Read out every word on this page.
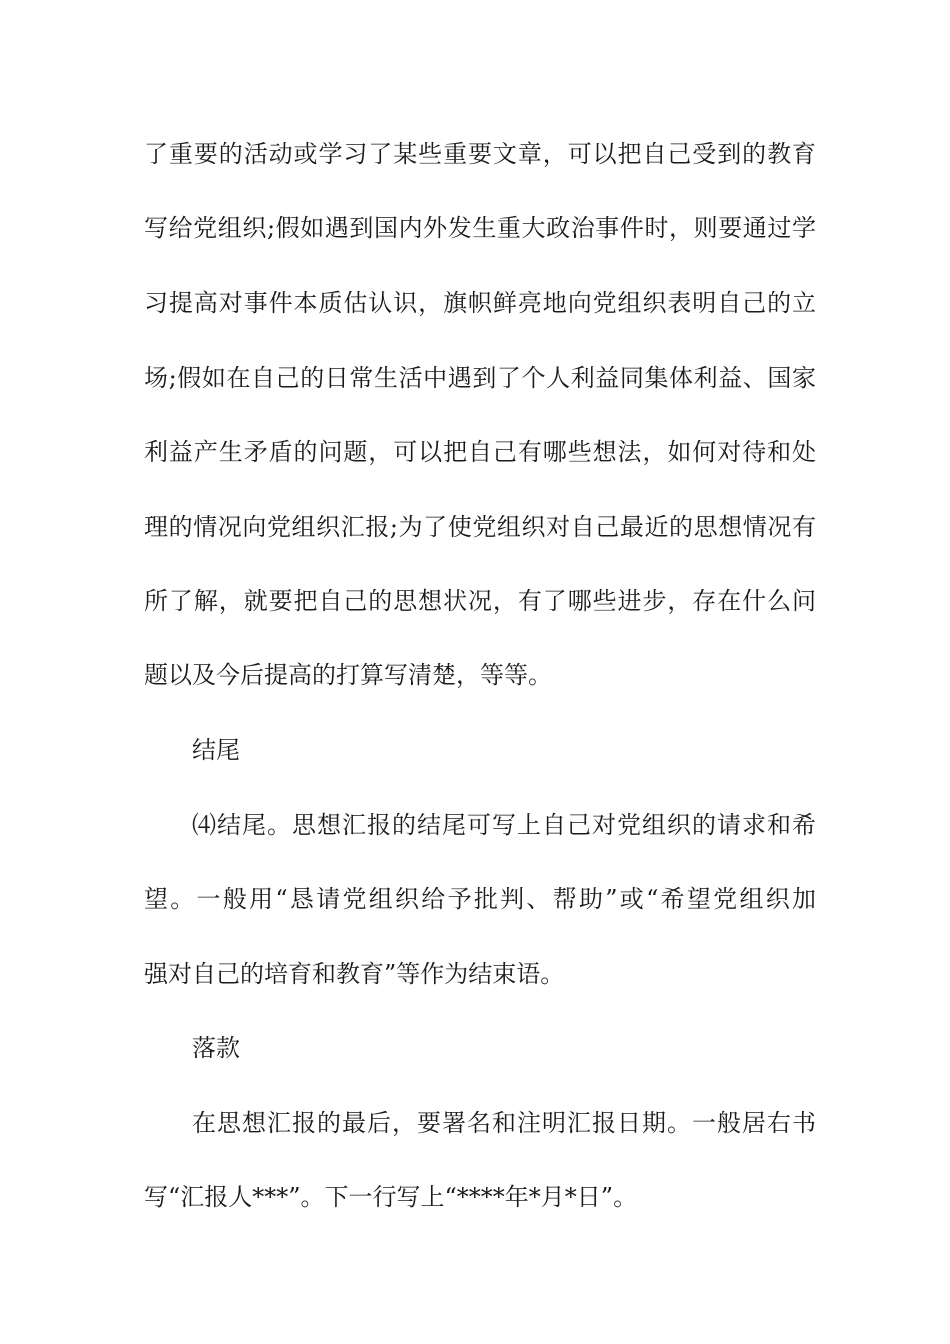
了重要的活动或学习了某些重要文章，可以把自己受到的教育
写给党组织;假如遇到国内外发生重大政治事件时，则要通过学
习提高对事件本质估认识，旗帜鲜亮地向党组织表明自己的立
场;假如在自己的日常生活中遇到了个人利益同集体利益、国家
利益产生矛盾的问题，可以把自己有哪些想法，如何对待和处
理的情况向党组织汇报;为了使党组织对自己最近的思想情况有
所了解，就要把自己的思想状况，有了哪些进步，存在什么问
题以及今后提高的打算写清楚，等等。
结尾
⑷结尾。思想汇报的结尾可写上自己对党组织的请求和希
望。一般用“恳请党组织给予批判、帮助”或“希望党组织加
强对自己的培育和教育”等作为结束语。
落款
在思想汇报的最后，要署名和注明汇报日期。一般居右书
写“汇报人***”。下一行写上“****年*月*日”。
